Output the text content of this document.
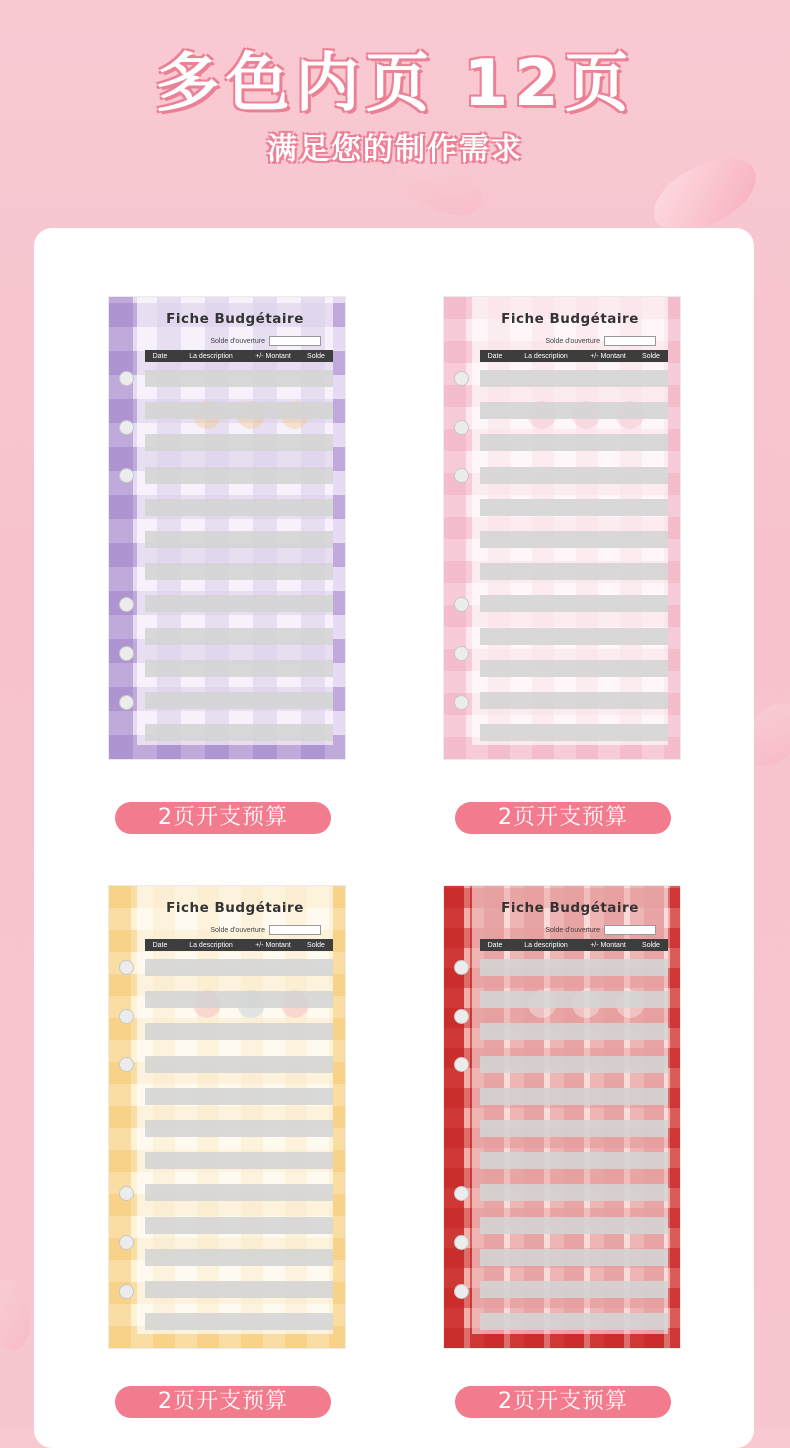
多色内页 12页
满足您的制作需求
Fiche Budgétaire
Solde d'ouverture
Date	La description	+/- Montant	Solde
Fiche Budgétaire
Solde d'ouverture
Date	La description	+/- Montant	Solde
2页开支预算	2页开支预算
Fiche Budgétaire
Solde d'ouverture
Date	La description	+/- Montant	Solde
Fiche Budgétaire
Solde d'ouverture
Date	La description	+/- Montant	Solde
2页开支预算	2页开支预算
